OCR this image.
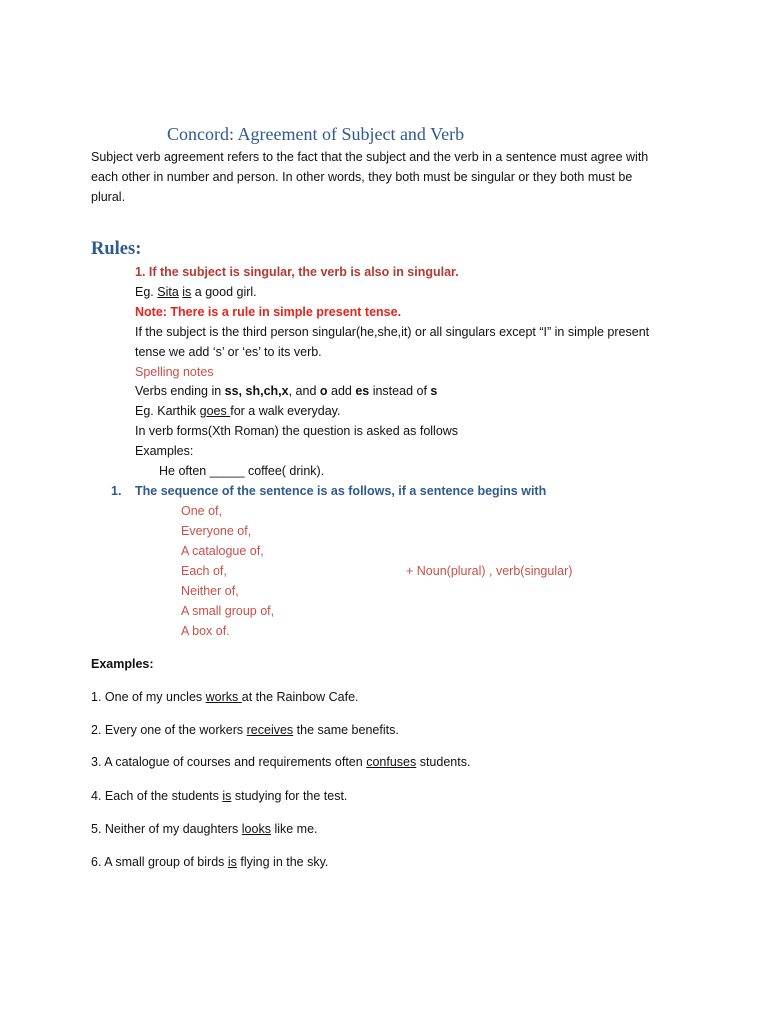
Concord: Agreement of Subject and Verb
Subject verb agreement refers to the fact that the subject and the verb in a sentence must agree with
each other in number and person. In other words, they both must be singular or they both must be
plural.
Rules:
1. If the subject is singular, the verb is also in singular.
Eg. Sita is a good girl.
Note: There is a rule in simple present tense.
If the subject is the third person singular(he,she,it) or all singulars except “I” in simple present
tense we add ‘s’ or ‘es’ to its verb.
Spelling notes
Verbs ending in ss, sh,ch,x, and o add es instead of s
Eg. Karthik goes for a walk everyday.
In verb forms(Xth Roman) the question is asked as follows
Examples:
He often _____ coffee( drink).
1. The sequence of the sentence is as follows, if a sentence begins with
One of,
Everyone of,
A catalogue of,
Each of,
Neither of,
A small group of,
A box of.
+ Noun(plural) , verb(singular)
Examples:
1. One of my uncles works at the Rainbow Cafe.
2. Every one of the workers receives the same benefits.
3. A catalogue of courses and requirements often confuses students.
4. Each of the students is studying for the test.
5. Neither of my daughters looks like me.
6. A small group of birds is flying in the sky.
